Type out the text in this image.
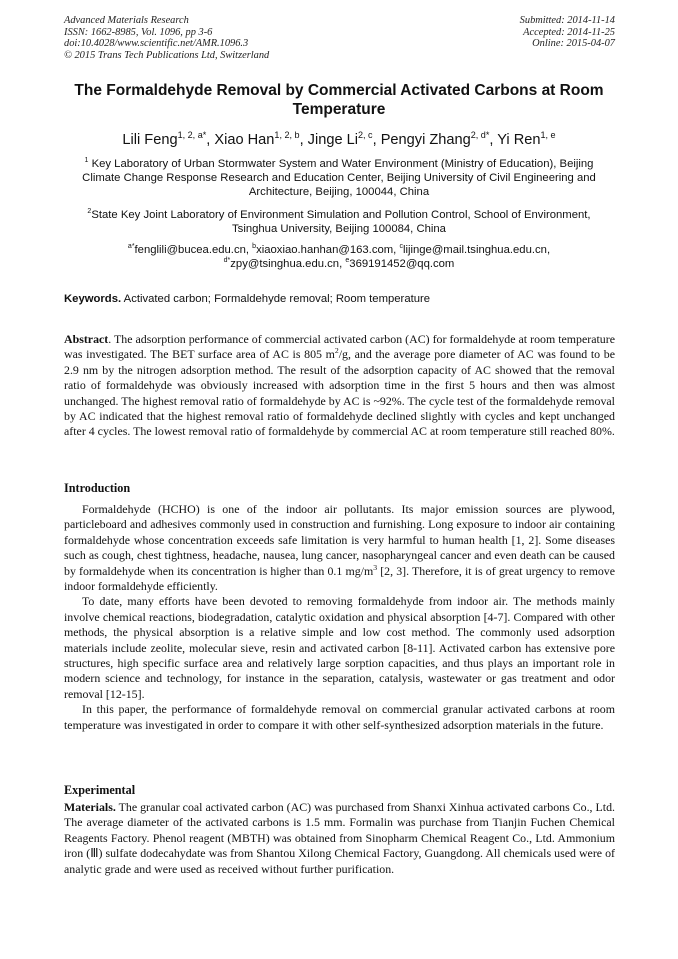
Advanced Materials Research
ISSN: 1662-8985, Vol. 1096, pp 3-6
doi:10.4028/www.scientific.net/AMR.1096.3
© 2015 Trans Tech Publications Ltd, Switzerland
Submitted: 2014-11-14
Accepted: 2014-11-25
Online: 2015-04-07
The Formaldehyde Removal by Commercial Activated Carbons at Room Temperature
Lili Feng$^{1, 2, a*}$, Xiao Han$^{1, 2, b}$, Jinge Li$^{2, c}$, Pengyi Zhang$^{2, d*}$, Yi Ren$^{1, e}$
$^1$ Key Laboratory of Urban Stormwater System and Water Environment (Ministry of Education), Beijing Climate Change Response Research and Education Center, Beijing University of Civil Engineering and Architecture, Beijing, 100044, China
$^2$State Key Joint Laboratory of Environment Simulation and Pollution Control, School of Environment, Tsinghua University, Beijing 100084, China
$^{a*}$fenglili@bucea.edu.cn, $^b$xiaoxiao.hanhan@163.com, $^c$lijinge@mail.tsinghua.edu.cn,
$^{d*}$zpy@tsinghua.edu.cn, $^e$369191452@qq.com
Keywords. Activated carbon; Formaldehyde removal; Room temperature
Abstract. The adsorption performance of commercial activated carbon (AC) for formaldehyde at room temperature was investigated. The BET surface area of AC is 805 $m^2/g$, and the average pore diameter of AC was found to be 2.9 nm by the nitrogen adsorption method. The result of the adsorption capacity of AC showed that the removal ratio of formaldehyde was obviously increased with adsorption time in the first 5 hours and then was almost unchanged. The highest removal ratio of formaldehyde by AC is ~92%. The cycle test of the formaldehyde removal by AC indicated that the highest removal ratio of formaldehyde declined slightly with cycles and kept unchanged after 4 cycles. The lowest removal ratio of formaldehyde by commercial AC at room temperature still reached 80%.
Introduction

Formaldehyde (HCHO) is one of the indoor air pollutants. Its major emission sources are plywood, particleboard and adhesives commonly used in construction and furnishing. Long exposure to indoor air containing formaldehyde whose concentration exceeds safe limitation is very harmful to human health [1, 2]. Some diseases such as cough, chest tightness, headache, nausea, lung cancer, nasopharyngeal cancer and even death can be caused by formaldehyde when its concentration is higher than 0.1 $mg/m^3$ [2, 3]. Therefore, it is of great urgency to remove indoor formaldehyde efficiently.

To date, many efforts have been devoted to removing formaldehyde from indoor air. The methods mainly involve chemical reactions, biodegradation, catalytic oxidation and physical absorption [4-7]. Compared with other methods, the physical absorption is a relative simple and low cost method. The commonly used adsorption materials include zeolite, molecular sieve, resin and activated carbon [8-11]. Activated carbon has extensive pore structures, high specific surface area and relatively large sorption capacities, and thus plays an important role in modern science and technology, for instance in the separation, catalysis, wastewater or gas treatment and odor removal [12-15].

In this paper, the performance of formaldehyde removal on commercial granular activated carbons at room temperature was investigated in order to compare it with other self-synthesized adsorption materials in the future.

Experimental
Materials. The granular coal activated carbon (AC) was purchased from Shanxi Xinhua activated carbons Co., Ltd. The average diameter of the activated carbons is 1.5 mm. Formalin was purchase from Tianjin Fuchen Chemical Reagents Factory. Phenol reagent (MBTH) was obtained from Sinopharm Chemical Reagent Co., Ltd. Ammonium iron (Ⅲ) sulfate dodecahydate was from Shantou Xilong Chemical Factory, Guangdong. All chemicals used were of analytic grade and were used as received without further purification.
